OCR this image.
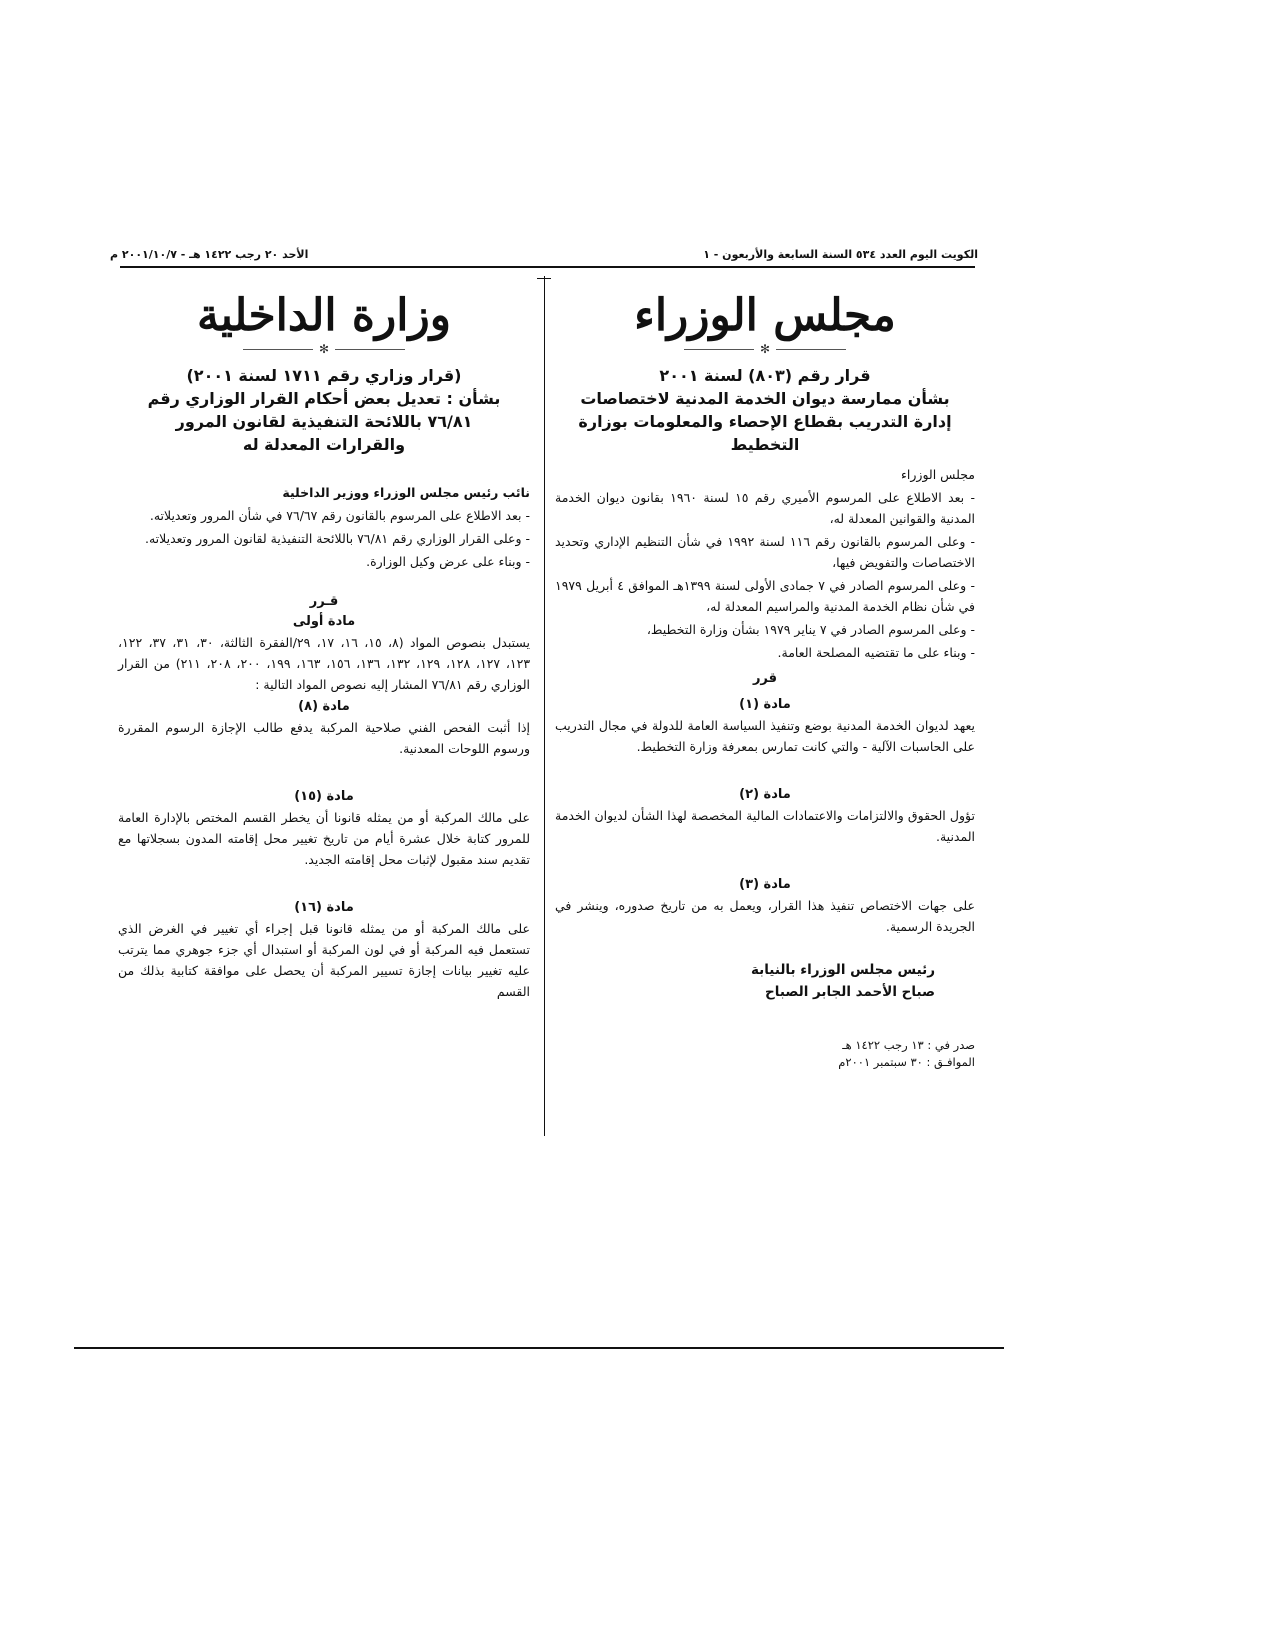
الأحد ٢٠ رجب ١٤٢٢ هـ - ٢٠٠١/١٠/٧ م	الكويت اليوم العدد ٥٣٤ السنة السابعة والأربعون - ١
مجلس الوزراء
✻

قرار رقم (٨٠٣) لسنة ٢٠٠١

بشأن ممارسة ديوان الخدمة المدنية لاختصاصات

إدارة التدريب بقطاع الإحصاء والمعلومات بوزارة

التخطيط

مجلس الوزراء

- بعد الاطلاع على المرسوم الأميري رقم ١٥ لسنة ١٩٦٠ بقانون ديوان الخدمة المدنية والقوانين المعدلة له،

- وعلى المرسوم بالقانون رقم ١١٦ لسنة ١٩٩٢ في شأن التنظيم الإداري وتحديد الاختصاصات والتفويض فيها،

- وعلى المرسوم الصادر في ٧ جمادى الأولى لسنة ١٣٩٩هـ الموافق ٤ أبريل ١٩٧٩ في شأن نظام الخدمة المدنية والمراسيم المعدلة له،

- وعلى المرسوم الصادر في ٧ يناير ١٩٧٩ بشأن وزارة التخطيط،

- وبناء على ما تقتضيه المصلحة العامة.

قرر

مادة (١)

يعهد لديوان الخدمة المدنية بوضع وتنفيذ السياسة العامة للدولة في مجال التدريب على الحاسبات الآلية - والتي كانت تمارس بمعرفة وزارة التخطيط.

مادة (٢)

تؤول الحقوق والالتزامات والاعتمادات المالية المخصصة لهذا الشأن لديوان الخدمة المدنية.

مادة (٣)

على جهات الاختصاص تنفيذ هذا القرار، ويعمل به من تاريخ صدوره، وينشر في الجريدة الرسمية.

رئيس مجلس الوزراء بالنيابة
صباح الأحمد الجابر الصباح
صدر في : ١٣ رجب ١٤٢٢ هـ
الموافـق : ٣٠ سبتمبر ٢٠٠١م
وزارة الداخلية
✻

(قرار وزاري رقم ١٧١١ لسنة ٢٠٠١)

بشأن : تعديل بعض أحكام القرار الوزاري رقم

٧٦/٨١ باللائحة التنفيذية لقانون المرور

والقرارات المعدلة له

نائب رئيس مجلس الوزراء ووزير الداخلية

- بعد الاطلاع على المرسوم بالقانون رقم ٧٦/٦٧ في شأن المرور وتعديلاته.

- وعلى القرار الوزاري رقم ٧٦/٨١ باللائحة التنفيذية لقانون المرور وتعديلاته.

- وبناء على عرض وكيل الوزارة.

قـرر

مادة أولى

يستبدل بنصوص المواد (٨، ١٥، ١٦، ١٧، ٢٩/الفقرة الثالثة، ٣٠، ٣١، ٣٧، ١٢٢، ١٢٣، ١٢٧، ١٢٨، ١٢٩، ١٣٢، ١٣٦، ١٥٦، ١٦٣، ١٩٩، ٢٠٠، ٢٠٨، ٢١١) من القرار الوزاري رقم ٧٦/٨١ المشار إليه نصوص المواد التالية :

مادة (٨)

إذا أثبت الفحص الفني صلاحية المركبة يدفع طالب الإجازة الرسوم المقررة ورسوم اللوحات المعدنية.

مادة (١٥)

على مالك المركبة أو من يمثله قانونا أن يخطر القسم المختص بالإدارة العامة للمرور كتابة خلال عشرة أيام من تاريخ تغيير محل إقامته المدون بسجلاتها مع تقديم سند مقبول لإثبات محل إقامته الجديد.

مادة (١٦)

على مالك المركبة أو من يمثله قانونا قبل إجراء أي تغيير في الغرض الذي تستعمل فيه المركبة أو في لون المركبة أو استبدال أي جزء جوهري مما يترتب عليه تغيير بيانات إجازة تسيير المركبة أن يحصل على موافقة كتابية بذلك من القسم
